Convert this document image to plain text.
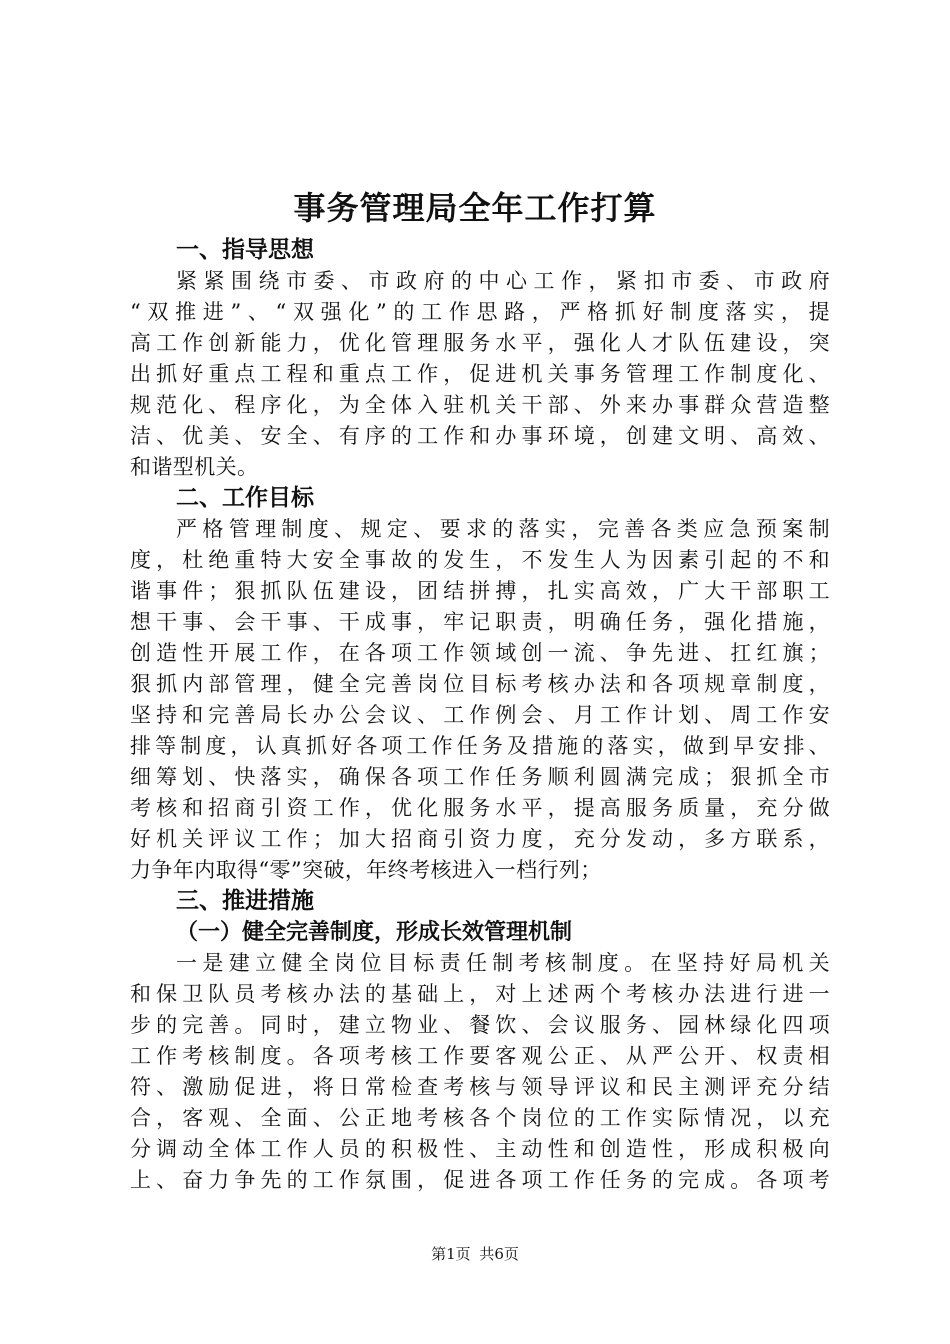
事务管理局全年工作打算
一、指导思想
紧紧围绕市委、市政府的中心工作，紧扣市委、市政府
“双推进”、“双强化”的工作思路，严格抓好制度落实，提
高工作创新能力，优化管理服务水平，强化人才队伍建设，突
出抓好重点工程和重点工作，促进机关事务管理工作制度化、
规范化、程序化，为全体入驻机关干部、外来办事群众营造整
洁、优美、安全、有序的工作和办事环境，创建文明、高效、
和谐型机关。
二、工作目标
严格管理制度、规定、要求的落实，完善各类应急预案制
度，杜绝重特大安全事故的发生，不发生人为因素引起的不和
谐事件；狠抓队伍建设，团结拼搏，扎实高效，广大干部职工
想干事、会干事、干成事，牢记职责，明确任务，强化措施，
创造性开展工作，在各项工作领域创一流、争先进、扛红旗；
狠抓内部管理，健全完善岗位目标考核办法和各项规章制度，
坚持和完善局长办公会议、工作例会、月工作计划、周工作安
排等制度，认真抓好各项工作任务及措施的落实，做到早安排、
细筹划、快落实，确保各项工作任务顺利圆满完成；狠抓全市
考核和招商引资工作，优化服务水平，提高服务质量，充分做
好机关评议工作；加大招商引资力度，充分发动，多方联系，
力争年内取得“零”突破，年终考核进入一档行列；
三、推进措施
（一）健全完善制度，形成长效管理机制
一是建立健全岗位目标责任制考核制度。在坚持好局机关
和保卫队员考核办法的基础上，对上述两个考核办法进行进一
步的完善。同时，建立物业、餐饮、会议服务、园林绿化四项
工作考核制度。各项考核工作要客观公正、从严公开、权责相
符、激励促进，将日常检查考核与领导评议和民主测评充分结
合，客观、全面、公正地考核各个岗位的工作实际情况，以充
分调动全体工作人员的积极性、主动性和创造性，形成积极向
上、奋力争先的工作氛围，促进各项工作任务的完成。各项考
第1页 共6页
